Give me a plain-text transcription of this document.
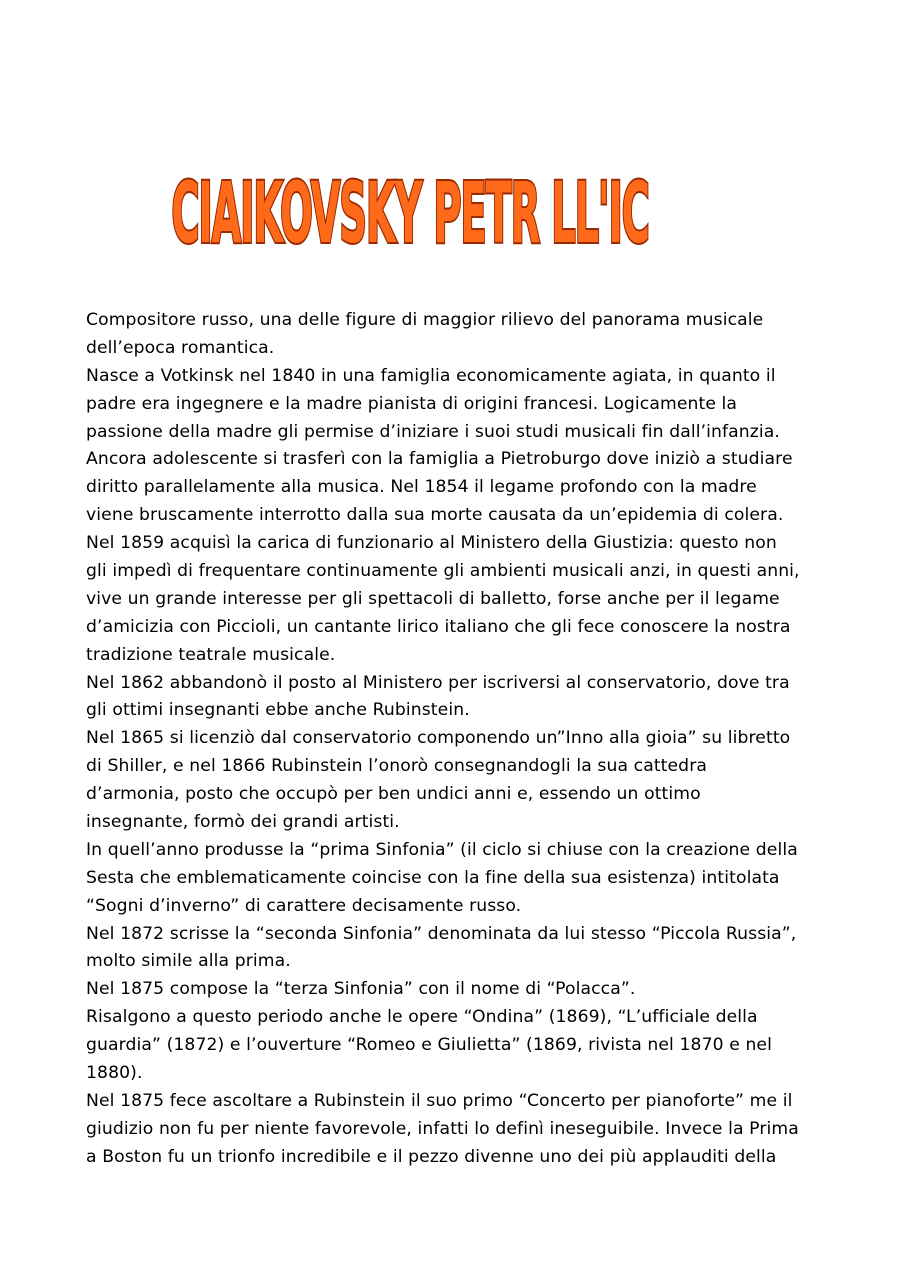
CIAIKOVSKY PETR LL'IC
Compositore russo, una delle figure di maggior rilievo del panorama musicale
dell’epoca romantica.
Nasce a Votkinsk nel 1840 in una famiglia economicamente agiata, in quanto il
padre era ingegnere e la madre pianista di origini francesi. Logicamente la
passione della madre gli permise d’iniziare i suoi studi musicali fin dall’infanzia.
Ancora adolescente si trasferì con la famiglia a Pietroburgo dove iniziò a studiare
diritto parallelamente alla musica. Nel 1854 il legame profondo con la madre
viene bruscamente interrotto dalla sua morte causata da un’epidemia di colera.
Nel 1859 acquisì la carica di funzionario al Ministero della Giustizia: questo non
gli impedì di frequentare continuamente gli ambienti musicali anzi, in questi anni,
vive un grande interesse per gli spettacoli di balletto, forse anche per il legame
d’amicizia con Piccioli, un cantante lirico italiano che gli fece conoscere la nostra
tradizione teatrale musicale.
Nel 1862 abbandonò il posto al Ministero per iscriversi al conservatorio, dove tra
gli ottimi insegnanti ebbe anche Rubinstein.
Nel 1865 si licenziò dal conservatorio componendo un”Inno alla gioia” su libretto
di Shiller, e nel 1866 Rubinstein l’onorò consegnandogli la sua cattedra
d’armonia, posto che occupò per ben undici anni e, essendo un ottimo
insegnante, formò dei grandi artisti.
In quell’anno produsse la “prima Sinfonia” (il ciclo si chiuse con la creazione della
Sesta che emblematicamente coincise con la fine della sua esistenza) intitolata
“Sogni d’inverno” di carattere decisamente russo.
Nel 1872 scrisse la “seconda Sinfonia” denominata da lui stesso “Piccola Russia”,
molto simile alla prima.
Nel 1875 compose la “terza Sinfonia” con il nome di “Polacca”.
Risalgono a questo periodo anche le opere “Ondina” (1869), “L’ufficiale della
guardia” (1872) e l’ouverture “Romeo e Giulietta” (1869, rivista nel 1870 e nel
1880).
Nel 1875 fece ascoltare a Rubinstein il suo primo “Concerto per pianoforte” me il
giudizio non fu per niente favorevole, infatti lo definì ineseguibile. Invece la Prima
a Boston fu un trionfo incredibile e il pezzo divenne uno dei più applauditi della
